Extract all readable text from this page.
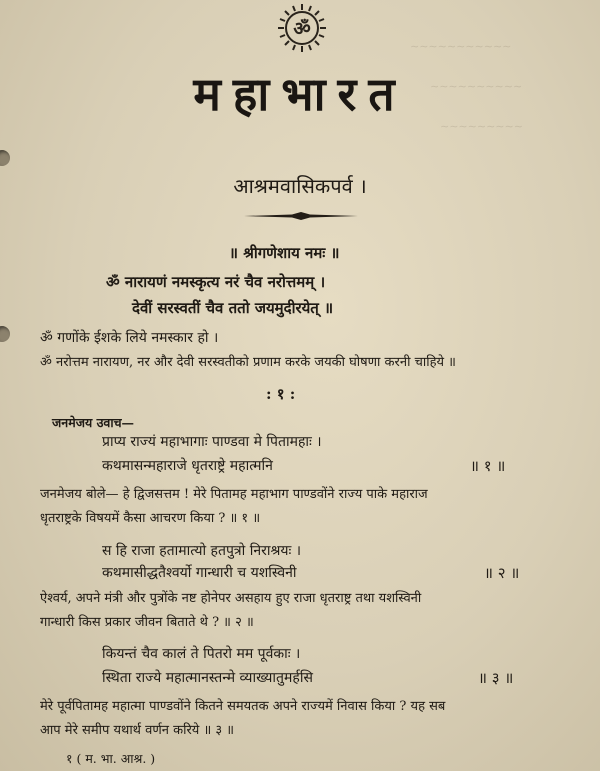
∼∼∼∼∼∼∼∼∼∼∼
∼∼∼∼∼∼∼∼∼∼
∼∼∼∼∼∼∼∼∼
ॐ
महाभारत
आश्रमवासिकपर्व ।
॥ श्रीगणेशाय नमः ॥
ॐ नारायणं नमस्कृत्य नरं चैव नरोत्तमम् ।
देवीं सरस्वतीं चैव ततो जयमुदीरयेत् ॥
ॐ गणोंके ईशके लिये नमस्कार हो ।
ॐ नरोत्तम नारायण, नर और देवी सरस्वतीको प्रणाम करके जयकी घोषणा करनी चाहिये ॥
: १ :
जनमेजय उवाच—
प्राप्य राज्यं महाभागाः पाण्डवा मे पितामहाः ।
कथमासन्महाराजे धृतराष्ट्रे महात्मनि	॥ १ ॥
जनमेजय बोले— हे द्विजसत्तम ! मेरे पितामह महाभाग पाण्डवोंने राज्य पाके महाराज
धृतराष्ट्रके विषयमें कैसा आचरण किया ? ॥ १ ॥
स हि राजा हतामात्यो हतपुत्रो निराश्रयः ।
कथमासीद्धतैश्वर्यो गान्धारी च यशस्विनी	॥ २ ॥
ऐश्वर्य, अपने मंत्री और पुत्रोंके नष्ट होनेपर असहाय हुए राजा धृतराष्ट्र तथा यशस्विनी
गान्धारी किस प्रकार जीवन बिताते थे ? ॥ २ ॥
कियन्तं चैव कालं ते पितरो मम पूर्वकाः ।
स्थिता राज्ये महात्मानस्तन्मे व्याख्यातुमर्हसि	॥ ३ ॥
मेरे पूर्वपितामह महात्मा पाण्डवोंने कितने समयतक अपने राज्यमें निवास किया ? यह सब
आप मेरे समीप यथार्थ वर्णन करिये ॥ ३ ॥
१ ( म. भा. आश्र. )
